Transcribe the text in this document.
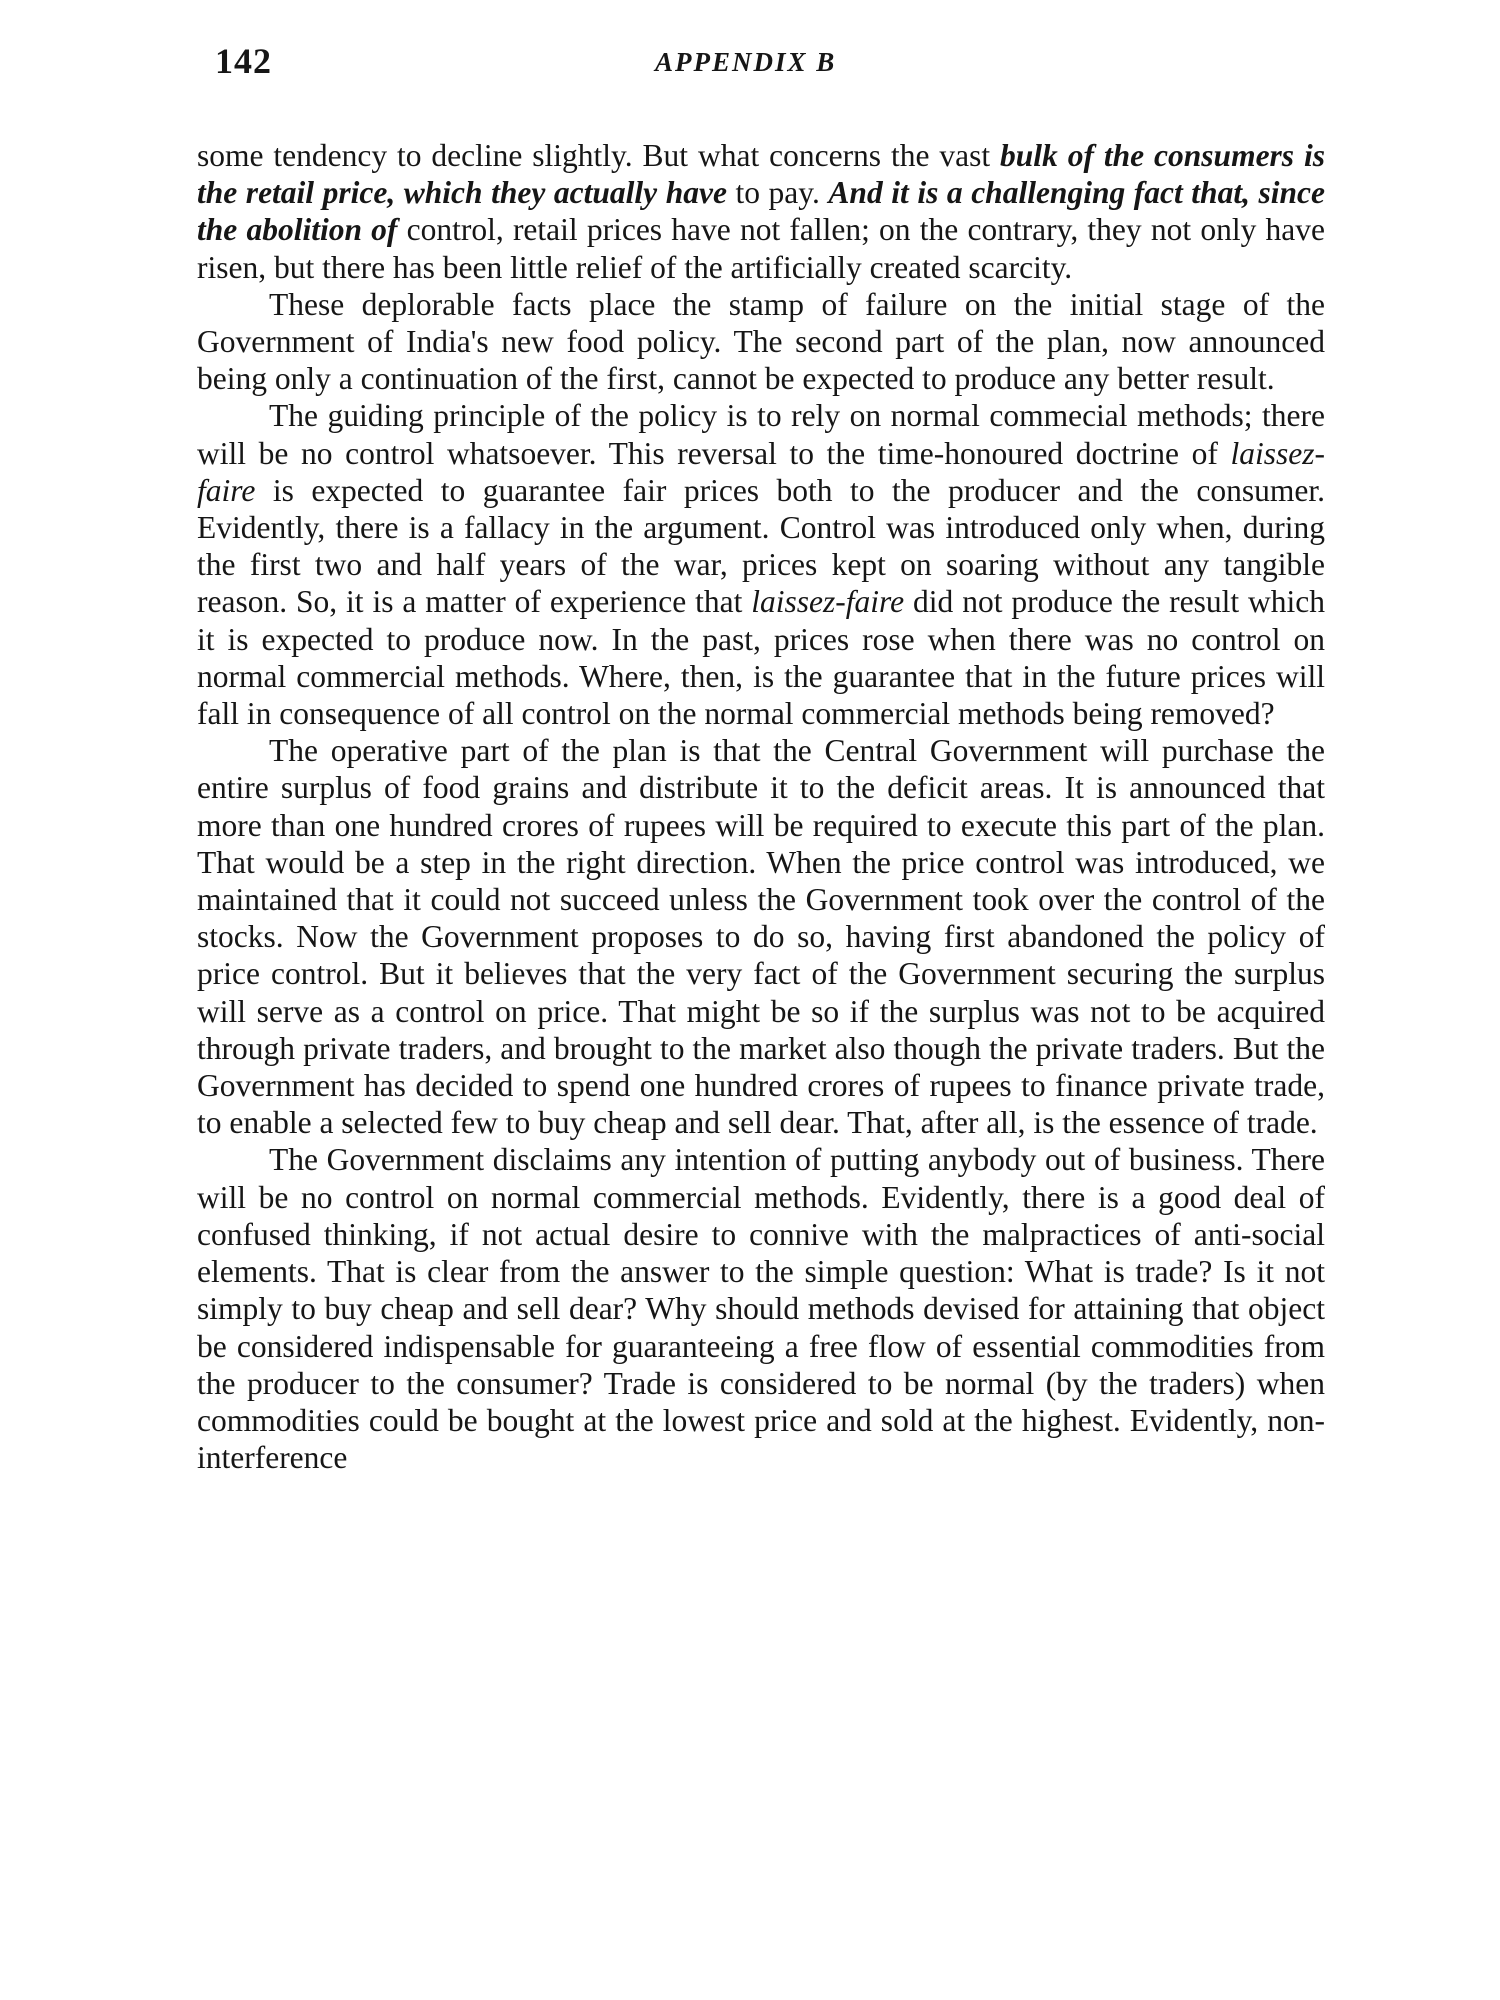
142	APPENDIX B

some tendency to decline slightly. But what concerns the vast bulk of the consumers is the retail price, which they actually have to pay. And it is a challenging fact that, since the abolition of control, retail prices have not fallen; on the contrary, they not only have risen, but there has been little relief of the artificially created scarcity.

These deplorable facts place the stamp of failure on the initial stage of the Government of India's new food policy. The second part of the plan, now announced being only a continuation of the first, cannot be expected to produce any better result.

The guiding principle of the policy is to rely on normal commecial methods; there will be no control whatsoever. This reversal to the time-honoured doctrine of laissez-faire is expected to guarantee fair prices both to the producer and the consumer. Evidently, there is a fallacy in the argument. Control was introduced only when, during the first two and half years of the war, prices kept on soaring without any tangible reason. So, it is a matter of experience that laissez-faire did not produce the result which it is expected to produce now. In the past, prices rose when there was no control on normal commercial methods. Where, then, is the guarantee that in the future prices will fall in consequence of all control on the normal commercial methods being removed?

The operative part of the plan is that the Central Government will purchase the entire surplus of food grains and distribute it to the deficit areas. It is announced that more than one hundred crores of rupees will be required to execute this part of the plan. That would be a step in the right direction. When the price control was introduced, we maintained that it could not succeed unless the Government took over the control of the stocks. Now the Government proposes to do so, having first abandoned the policy of price control. But it believes that the very fact of the Government securing the surplus will serve as a control on price. That might be so if the surplus was not to be acquired through private traders, and brought to the market also though the private traders. But the Government has decided to spend one hundred crores of rupees to finance private trade, to enable a selected few to buy cheap and sell dear. That, after all, is the essence of trade.

The Government disclaims any intention of putting anybody out of business. There will be no control on normal commercial methods. Evidently, there is a good deal of confused thinking, if not actual desire to connive with the malpractices of anti-social elements. That is clear from the answer to the simple question: What is trade? Is it not simply to buy cheap and sell dear? Why should methods devised for attaining that object be considered indispensable for guaranteeing a free flow of essential commodities from the producer to the consumer? Trade is considered to be normal (by the traders) when commodities could be bought at the lowest price and sold at the highest. Evidently, non-interference
